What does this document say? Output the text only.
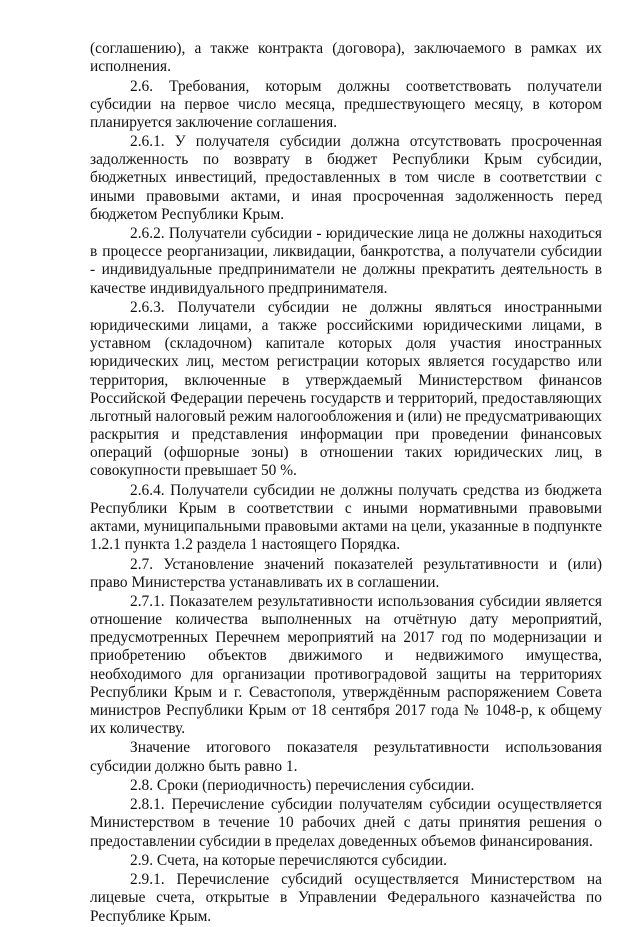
(соглашению), а также контракта (договора), заключаемого в рамках их исполнения.

2.6. Требования, которым должны соответствовать получатели субсидии на первое число месяца, предшествующего месяцу, в котором планируется заключение соглашения.

2.6.1. У получателя субсидии должна отсутствовать просроченная задолженность по возврату в бюджет Республики Крым субсидии, бюджетных инвестиций, предоставленных в том числе в соответствии с иными правовыми актами, и иная просроченная задолженность перед бюджетом Республики Крым.

2.6.2. Получатели субсидии - юридические лица не должны находиться в процессе реорганизации, ликвидации, банкротства, а получатели субсидии - индивидуальные предприниматели не должны прекратить деятельность в качестве индивидуального предпринимателя.

2.6.3. Получатели субсидии не должны являться иностранными юридическими лицами, а также российскими юридическими лицами, в уставном (складочном) капитале которых доля участия иностранных юридических лиц, местом регистрации которых является государство или территория, включенные в утверждаемый Министерством финансов Российской Федерации перечень государств и территорий, предоставляющих льготный налоговый режим налогообложения и (или) не предусматривающих раскрытия и представления информации при проведении финансовых операций (офшорные зоны) в отношении таких юридических лиц, в совокупности превышает 50 %.

2.6.4. Получатели субсидии не должны получать средства из бюджета Республики Крым в соответствии с иными нормативными правовыми актами, муниципальными правовыми актами на цели, указанные в подпункте 1.2.1 пункта 1.2 раздела 1 настоящего Порядка.

2.7. Установление значений показателей результативности и (или) право Министерства устанавливать их в соглашении.

2.7.1. Показателем результативности использования субсидии является отношение количества выполненных на отчётную дату мероприятий, предусмотренных Перечнем мероприятий на 2017 год по модернизации и приобретению объектов движимого и недвижимого имущества, необходимого для организации противоградовой защиты на территориях Республики Крым и г. Севастополя, утверждённым распоряжением Совета министров Республики Крым от 18 сентября 2017 года № 1048-р, к общему их количеству.

Значение итогового показателя результативности использования субсидии должно быть равно 1.

2.8. Сроки (периодичность) перечисления субсидии.

2.8.1. Перечисление субсидии получателям субсидии осуществляется Министерством в течение 10 рабочих дней с даты принятия решения о предоставлении субсидии в пределах доведенных объемов финансирования.

2.9. Счета, на которые перечисляются субсидии.

2.9.1. Перечисление субсидий осуществляется Министерством на лицевые счета, открытые в Управлении Федерального казначейства по Республике Крым.
